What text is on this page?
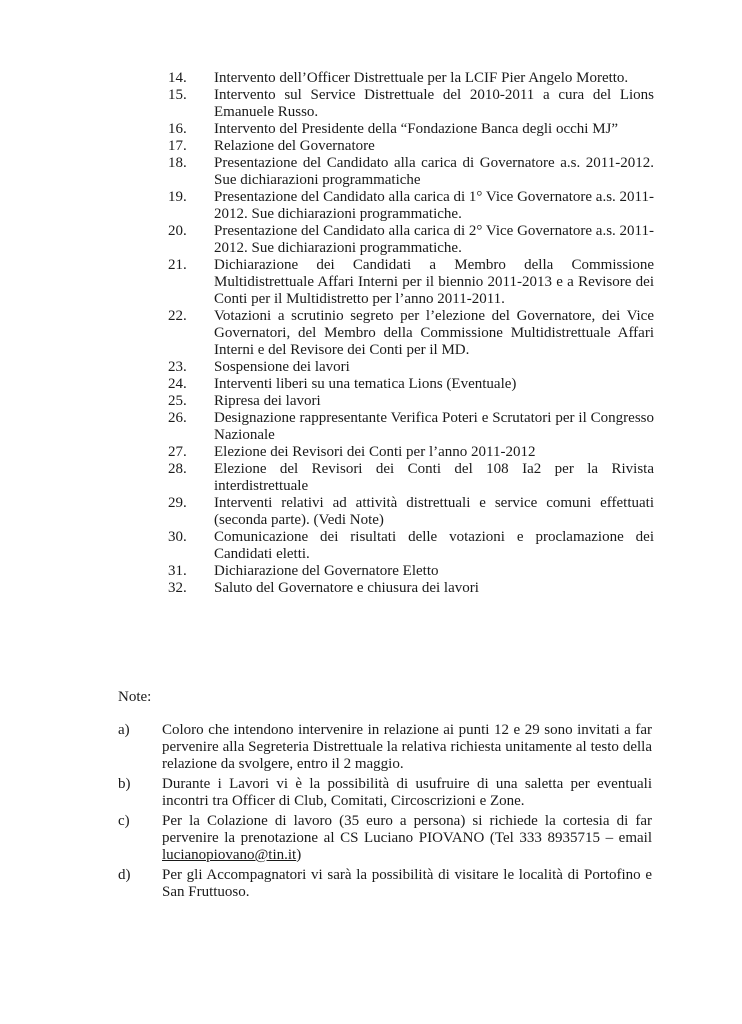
14.	Intervento dell’Officer Distrettuale per la LCIF Pier Angelo Moretto.
15.	Intervento sul Service Distrettuale del 2010-2011 a cura del Lions Emanuele Russo.
16.	Intervento del Presidente della “Fondazione Banca degli occhi MJ”
17.	Relazione del Governatore
18.	Presentazione del Candidato alla carica di Governatore a.s. 2011-2012. Sue dichiarazioni programmatiche
19.	Presentazione del Candidato alla carica di 1° Vice Governatore a.s. 2011-2012. Sue dichiarazioni programmatiche.
20.	Presentazione del Candidato alla carica di 2° Vice Governatore a.s. 2011-2012. Sue dichiarazioni programmatiche.
21.	Dichiarazione dei Candidati a Membro della Commissione Multidistrettuale Affari Interni per il biennio 2011-2013 e a Revisore dei Conti per il Multidistretto per l’anno 2011-2011.
22.	Votazioni a scrutinio segreto per l’elezione del Governatore, dei Vice Governatori, del Membro della Commissione Multidistrettuale Affari Interni e del Revisore dei Conti per il MD.
23.	Sospensione dei lavori
24.	Interventi liberi su una tematica Lions (Eventuale)
25.	Ripresa dei lavori
26.	Designazione rappresentante Verifica Poteri e Scrutatori per il Congresso Nazionale
27.	Elezione dei Revisori dei Conti per l’anno 2011-2012
28.	Elezione del Revisori dei Conti del 108 Ia2 per la Rivista interdistrettuale
29.	Interventi relativi ad attività distrettuali e service comuni effettuati (seconda parte). (Vedi Note)
30.	Comunicazione dei risultati delle votazioni e proclamazione dei Candidati eletti.
31.	Dichiarazione del Governatore Eletto
32.	Saluto del Governatore e chiusura dei lavori
Note:
a) Coloro che intendono intervenire in relazione ai punti 12 e 29 sono invitati a far pervenire alla Segreteria Distrettuale la relativa richiesta unitamente al testo della relazione da svolgere, entro il 2 maggio.
b) Durante i Lavori vi è la possibilità di usufruire di una saletta per eventuali incontri tra Officer di Club, Comitati, Circoscrizioni e Zone.
c) Per la Colazione di lavoro (35 euro a persona) si richiede la cortesia di far pervenire la prenotazione al CS Luciano PIOVANO (Tel 333 8935715 – email lucianopiovano@tin.it)
d) Per gli Accompagnatori vi sarà la possibilità di visitare le località di Portofino e San Fruttuoso.
